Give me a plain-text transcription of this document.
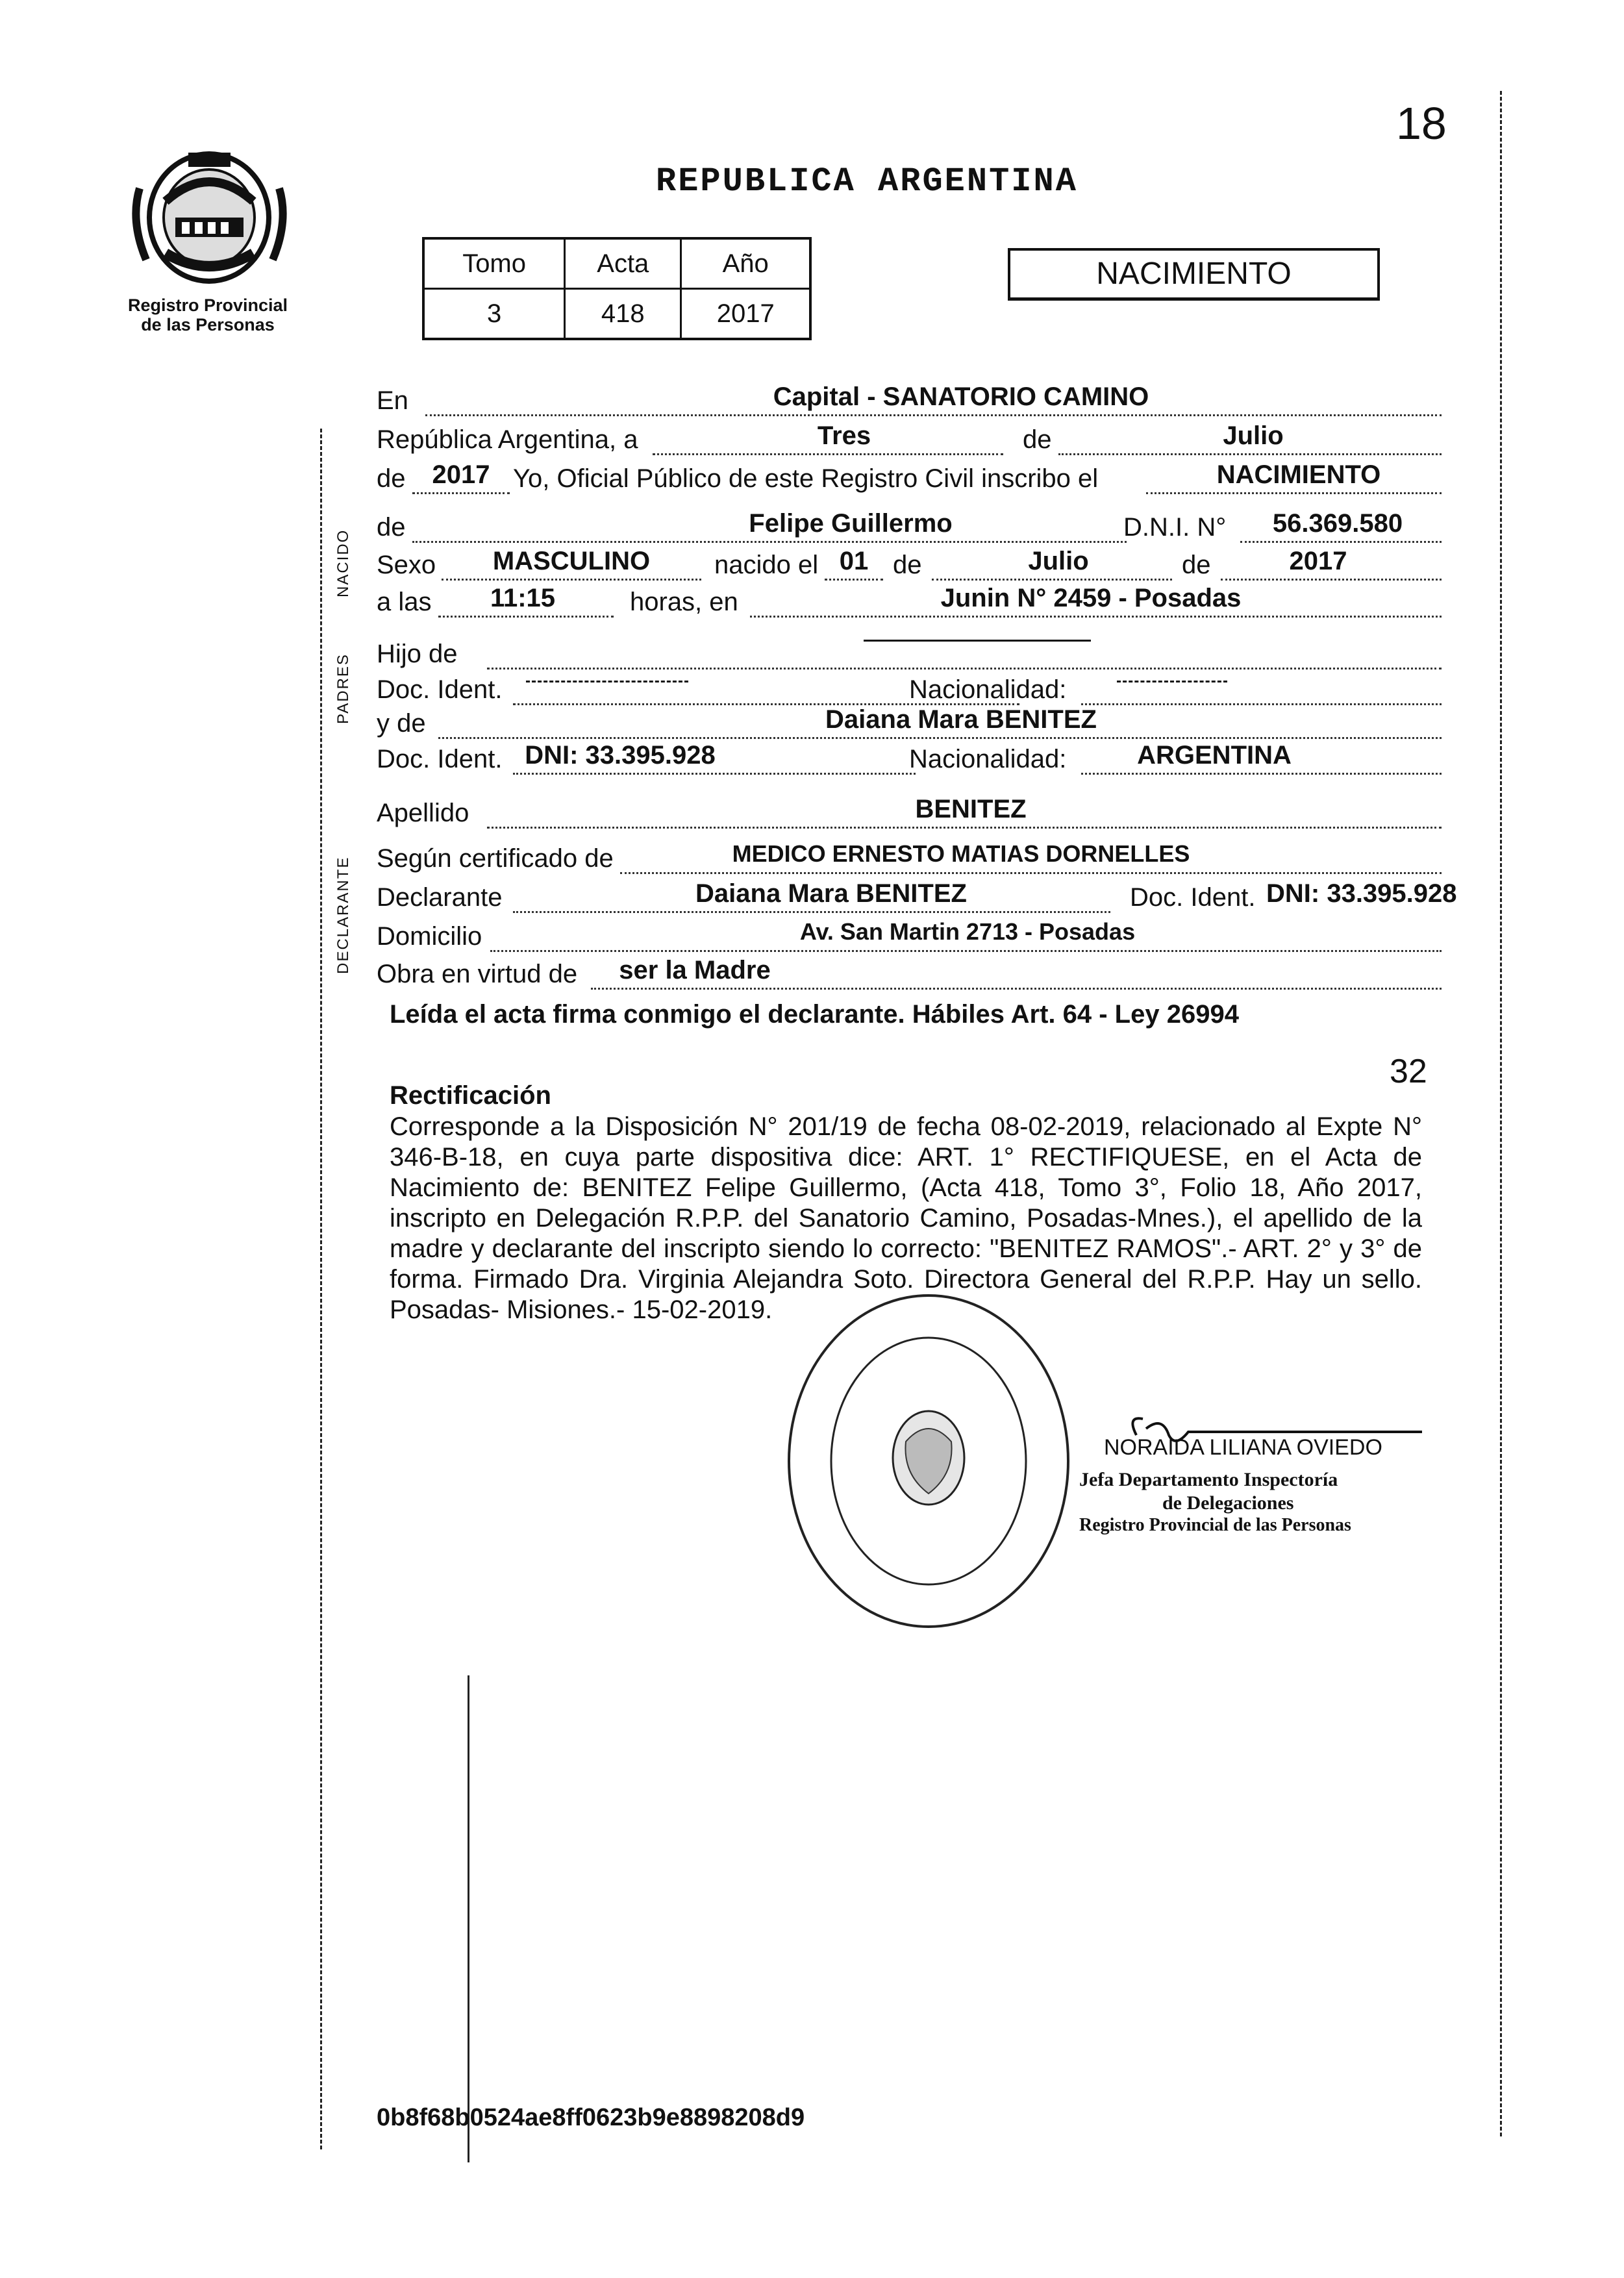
18
Registro Provincial
de las Personas
REPUBLICA ARGENTINA
Tomo	Acta	Año
3	418	2017
NACIMIENTO
NACIDO
PADRES
DECLARANTE
En	Capital - SANATORIO CAMINO
República Argentina, a	Tres	de	Julio
de	2017 Yo, Oficial Público de este Registro Civil inscribo el	NACIMIENTO
de	Felipe Guillermo	D.N.I. N°	56.369.580
Sexo	MASCULINO	nacido el 01 de	Julio	de	2017
a las	11:15	horas, en	Junin N° 2459 - Posadas
Hijo de
Doc. Ident.	Nacionalidad:
y de	Daiana Mara BENITEZ
Doc. Ident. DNI: 33.395.928	Nacionalidad:	ARGENTINA
Apellido	BENITEZ
Según certificado de	MEDICO ERNESTO MATIAS DORNELLES
Declarante	Daiana Mara BENITEZ	Doc. Ident. DNI: 33.395.928
Domicilio	Av. San Martin 2713 - Posadas
Obra en virtud de	ser la Madre
Leída el acta firma conmigo el declarante. Hábiles Art. 64 - Ley 26994
32
Rectificación
Corresponde a la Disposición N° 201/19 de fecha 08-02-2019, relacionado al Expte N° 346-B-18, en cuya parte dispositiva dice: ART. 1° RECTIFIQUESE, en el Acta de Nacimiento de: BENITEZ Felipe Guillermo, (Acta 418, Tomo 3°, Folio 18, Año 2017, inscripto en Delegación R.P.P. del Sanatorio Camino, Posadas-Mnes.), el apellido de la madre y declarante del inscripto siendo lo correcto: "BENITEZ RAMOS".- ART. 2° y 3° de forma. Firmado Dra. Virginia Alejandra Soto. Directora General del R.P.P. Hay un sello. Posadas- Misiones.- 15-02-2019.
NORAIDA LILIANA OVIEDO
Jefa Departamento Inspectoría
de Delegaciones
Registro Provincial de las Personas
0b8f68b0524ae8ff0623b9e8898208d9
